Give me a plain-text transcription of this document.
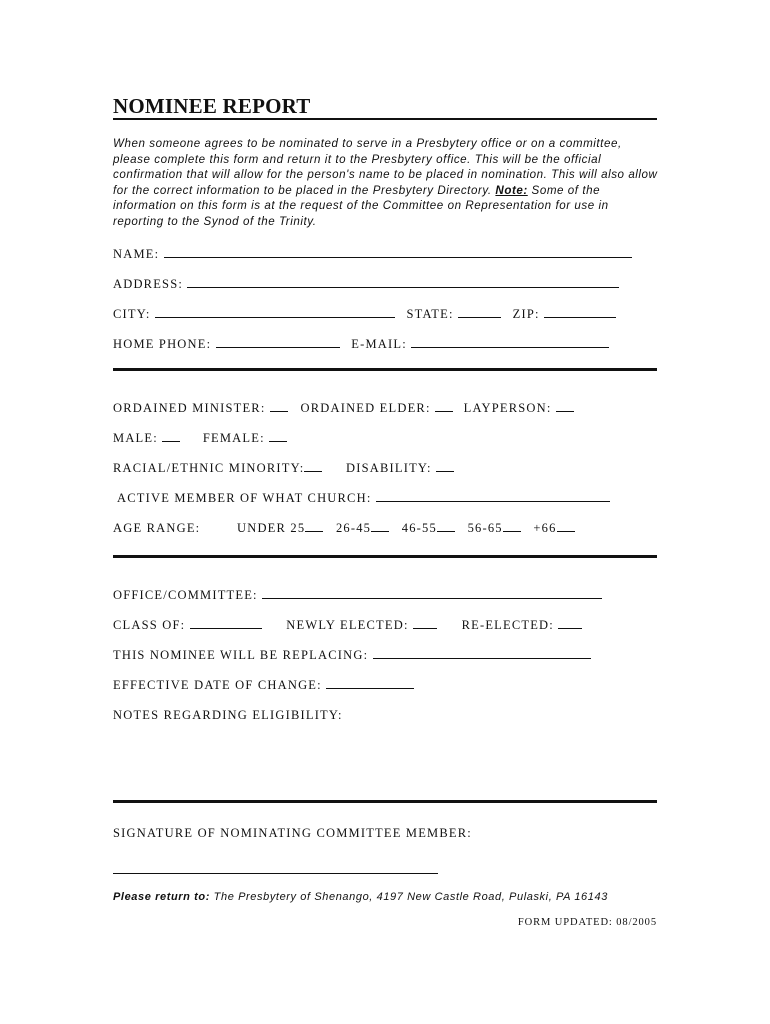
NOMINEE REPORT
When someone agrees to be nominated to serve in a Presbytery office or on a committee, please complete this form and return it to the Presbytery office. This will be the official confirmation that will allow for the person's name to be placed in nomination. This will also allow for the correct information to be placed in the Presbytery Directory. Note: Some of the information on this form is at the request of the Committee on Representation for use in reporting to the Synod of the Trinity.
NAME:
ADDRESS:
CITY:	STATE:	ZIP:
HOME PHONE:	E-MAIL:
ORDAINED MINISTER:	ORDAINED ELDER:	LAYPERSON:
MALE:	FEMALE:
RACIAL/ETHNIC MINORITY:	DISABILITY:
ACTIVE MEMBER OF WHAT CHURCH:
AGE RANGE:	UNDER 25 26-45 46-55 56-65 +66
OFFICE/COMMITTEE:
CLASS OF:	NEWLY ELECTED:	RE-ELECTED:
THIS NOMINEE WILL BE REPLACING:
EFFECTIVE DATE OF CHANGE:
NOTES REGARDING ELIGIBILITY:
SIGNATURE OF NOMINATING COMMITTEE MEMBER:
Please return to: The Presbytery of Shenango, 4197 New Castle Road, Pulaski, PA 16143
FORM UPDATED: 08/2005
